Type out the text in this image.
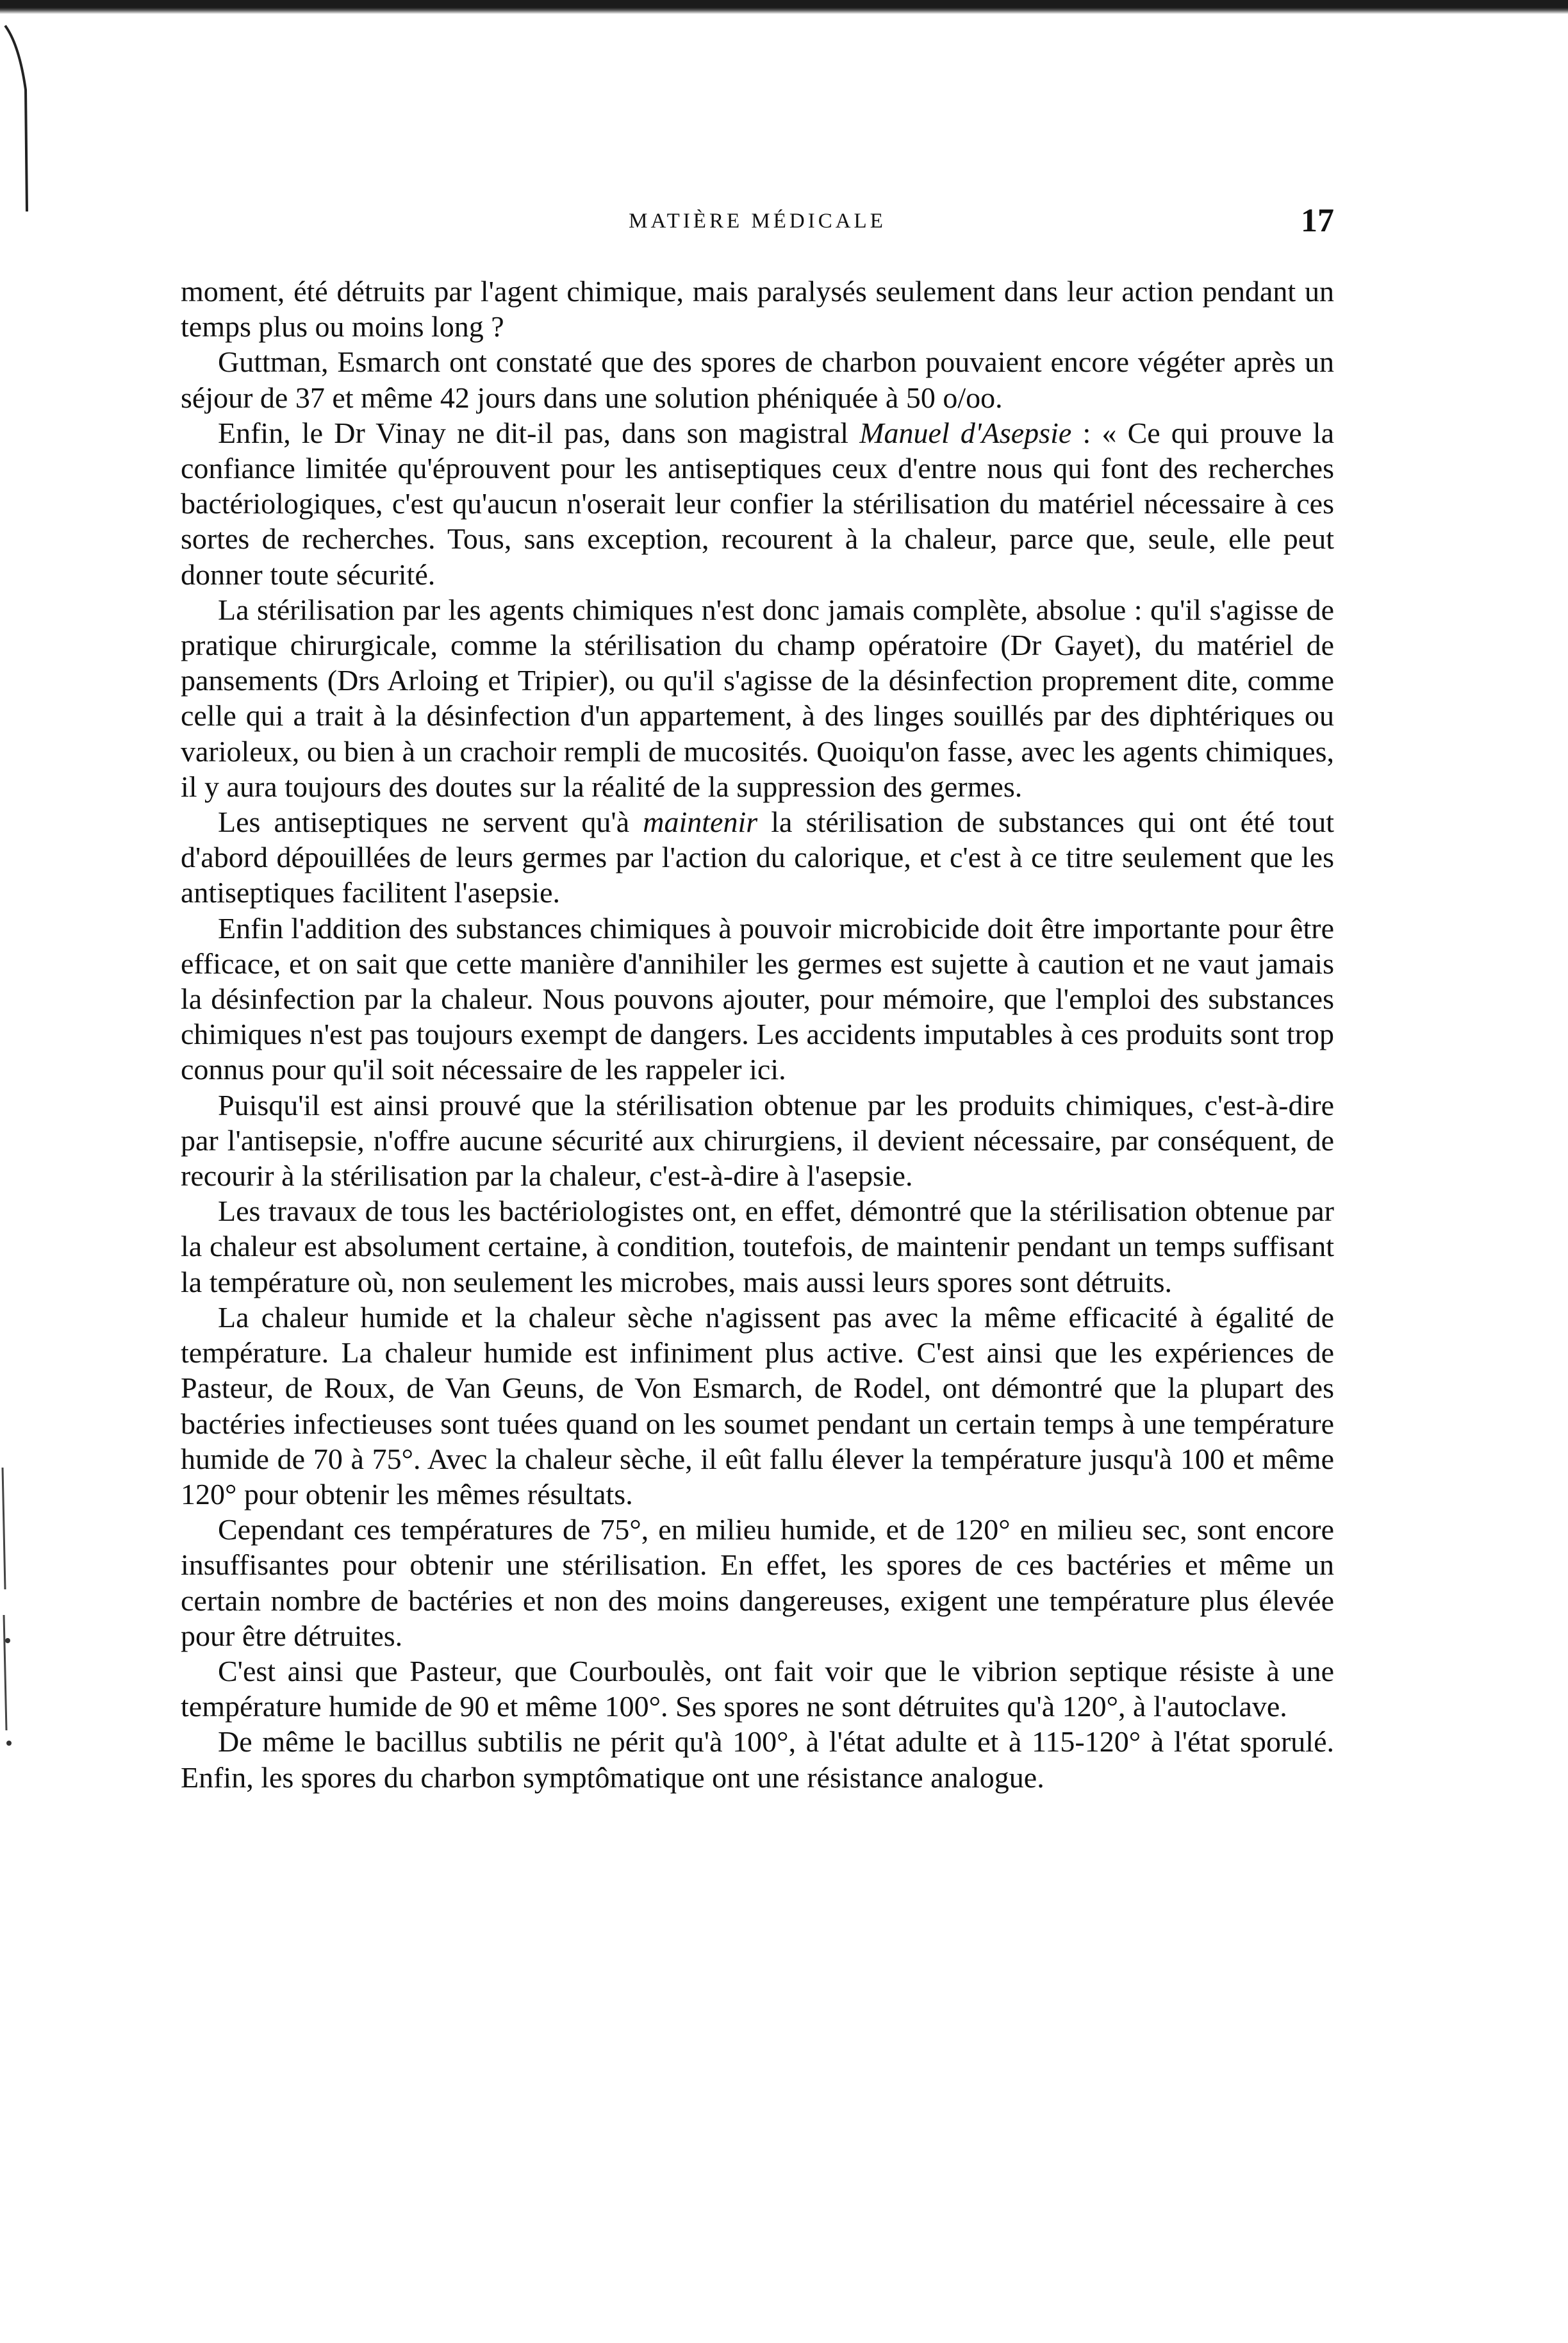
MATIÈRE MÉDICALE	17

moment, été détruits par l'agent chimique, mais paralysés seulement dans leur action pendant un temps plus ou moins long ?

Guttman, Esmarch ont constaté que des spores de charbon pouvaient encore végéter après un séjour de 37 et même 42 jours dans une solution phéniquée à 50 o/oo.

Enfin, le Dr Vinay ne dit-il pas, dans son magistral Manuel d'Asepsie : « Ce qui prouve la confiance limitée qu'éprouvent pour les antiseptiques ceux d'entre nous qui font des recherches bactériologiques, c'est qu'aucun n'oserait leur confier la stérilisation du matériel nécessaire à ces sortes de recherches. Tous, sans exception, recourent à la chaleur, parce que, seule, elle peut donner toute sécurité.

La stérilisation par les agents chimiques n'est donc jamais complète, absolue : qu'il s'agisse de pratique chirurgicale, comme la stérilisation du champ opératoire (Dr Gayet), du matériel de pansements (Drs Arloing et Tripier), ou qu'il s'agisse de la désinfection proprement dite, comme celle qui a trait à la désinfection d'un appartement, à des linges souillés par des diphtériques ou varioleux, ou bien à un crachoir rempli de mucosités. Quoiqu'on fasse, avec les agents chimiques, il y aura toujours des doutes sur la réalité de la suppression des germes.

Les antiseptiques ne servent qu'à maintenir la stérilisation de substances qui ont été tout d'abord dépouillées de leurs germes par l'action du calorique, et c'est à ce titre seulement que les antiseptiques facilitent l'asepsie.

Enfin l'addition des substances chimiques à pouvoir microbicide doit être importante pour être efficace, et on sait que cette manière d'annihiler les germes est sujette à caution et ne vaut jamais la désinfection par la chaleur. Nous pouvons ajouter, pour mémoire, que l'emploi des substances chimiques n'est pas toujours exempt de dangers. Les accidents imputables à ces produits sont trop connus pour qu'il soit nécessaire de les rappeler ici.

Puisqu'il est ainsi prouvé que la stérilisation obtenue par les produits chimiques, c'est-à-dire par l'antisepsie, n'offre aucune sécurité aux chirurgiens, il devient nécessaire, par conséquent, de recourir à la stérilisation par la chaleur, c'est-à-dire à l'asepsie.

Les travaux de tous les bactériologistes ont, en effet, démontré que la stérilisation obtenue par la chaleur est absolument certaine, à condition, toutefois, de maintenir pendant un temps suffisant la température où, non seulement les microbes, mais aussi leurs spores sont détruits.

La chaleur humide et la chaleur sèche n'agissent pas avec la même efficacité à égalité de température. La chaleur humide est infiniment plus active. C'est ainsi que les expériences de Pasteur, de Roux, de Van Geuns, de Von Esmarch, de Rodel, ont démontré que la plupart des bactéries infectieuses sont tuées quand on les soumet pendant un certain temps à une température humide de 70 à 75°. Avec la chaleur sèche, il eût fallu élever la température jusqu'à 100 et même 120° pour obtenir les mêmes résultats.

Cependant ces températures de 75°, en milieu humide, et de 120° en milieu sec, sont encore insuffisantes pour obtenir une stérilisation. En effet, les spores de ces bactéries et même un certain nombre de bactéries et non des moins dangereuses, exigent une température plus élevée pour être détruites.

C'est ainsi que Pasteur, que Courboulès, ont fait voir que le vibrion septique résiste à une température humide de 90 et même 100°. Ses spores ne sont détruites qu'à 120°, à l'autoclave.

De même le bacillus subtilis ne périt qu'à 100°, à l'état adulte et à 115-120° à l'état sporulé. Enfin, les spores du charbon symptômatique ont une résistance analogue.
